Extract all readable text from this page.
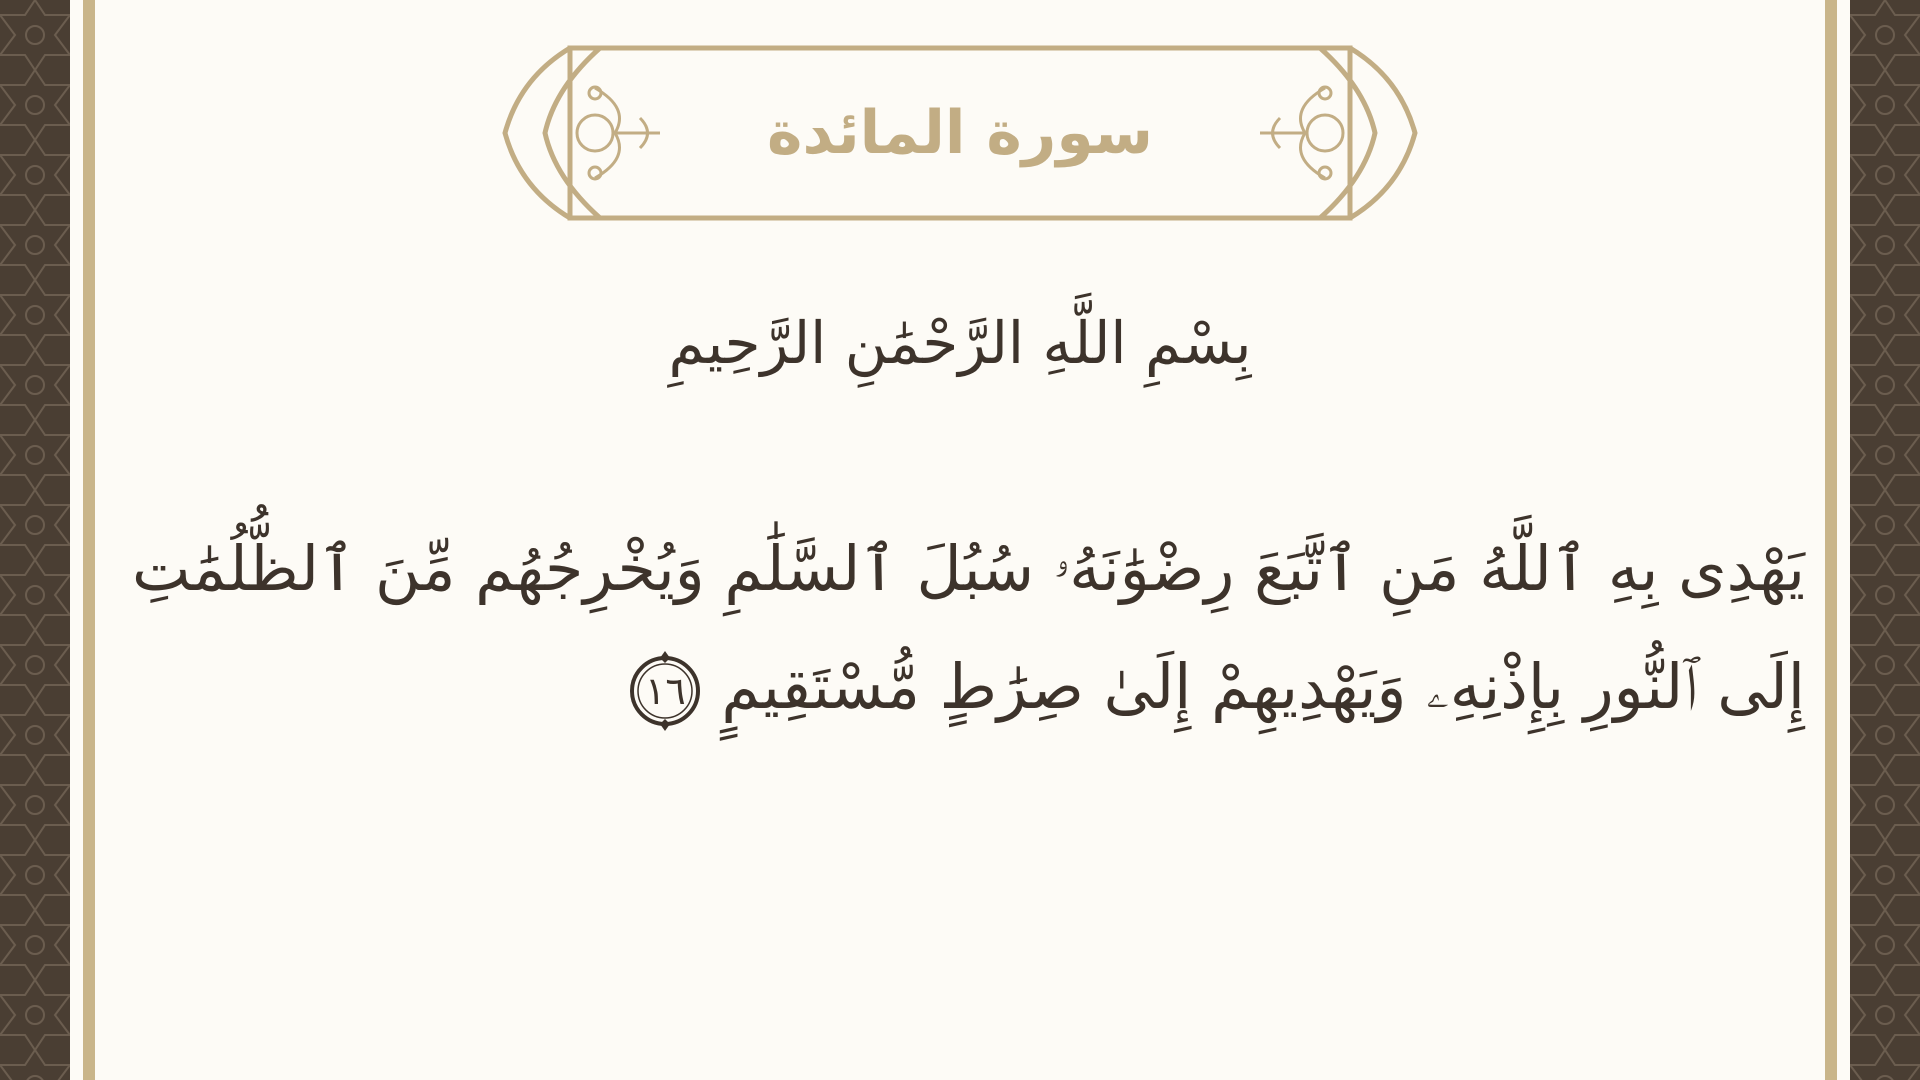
سورة المائدة
بِسْمِ اللَّهِ الرَّحْمَٰنِ الرَّحِيمِ
يَهْدِى بِهِ ٱللَّهُ مَنِ ٱتَّبَعَ رِضْوَٰنَهُۥ سُبُلَ ٱلسَّلَٰمِ وَيُخْرِجُهُم مِّنَ ٱلظُّلُمَٰتِ
إِلَى ٱلنُّورِ بِإِذْنِهِۦ وَيَهْدِيهِمْ إِلَىٰ صِرَٰطٍ مُّسْتَقِيمٍ
١٦
